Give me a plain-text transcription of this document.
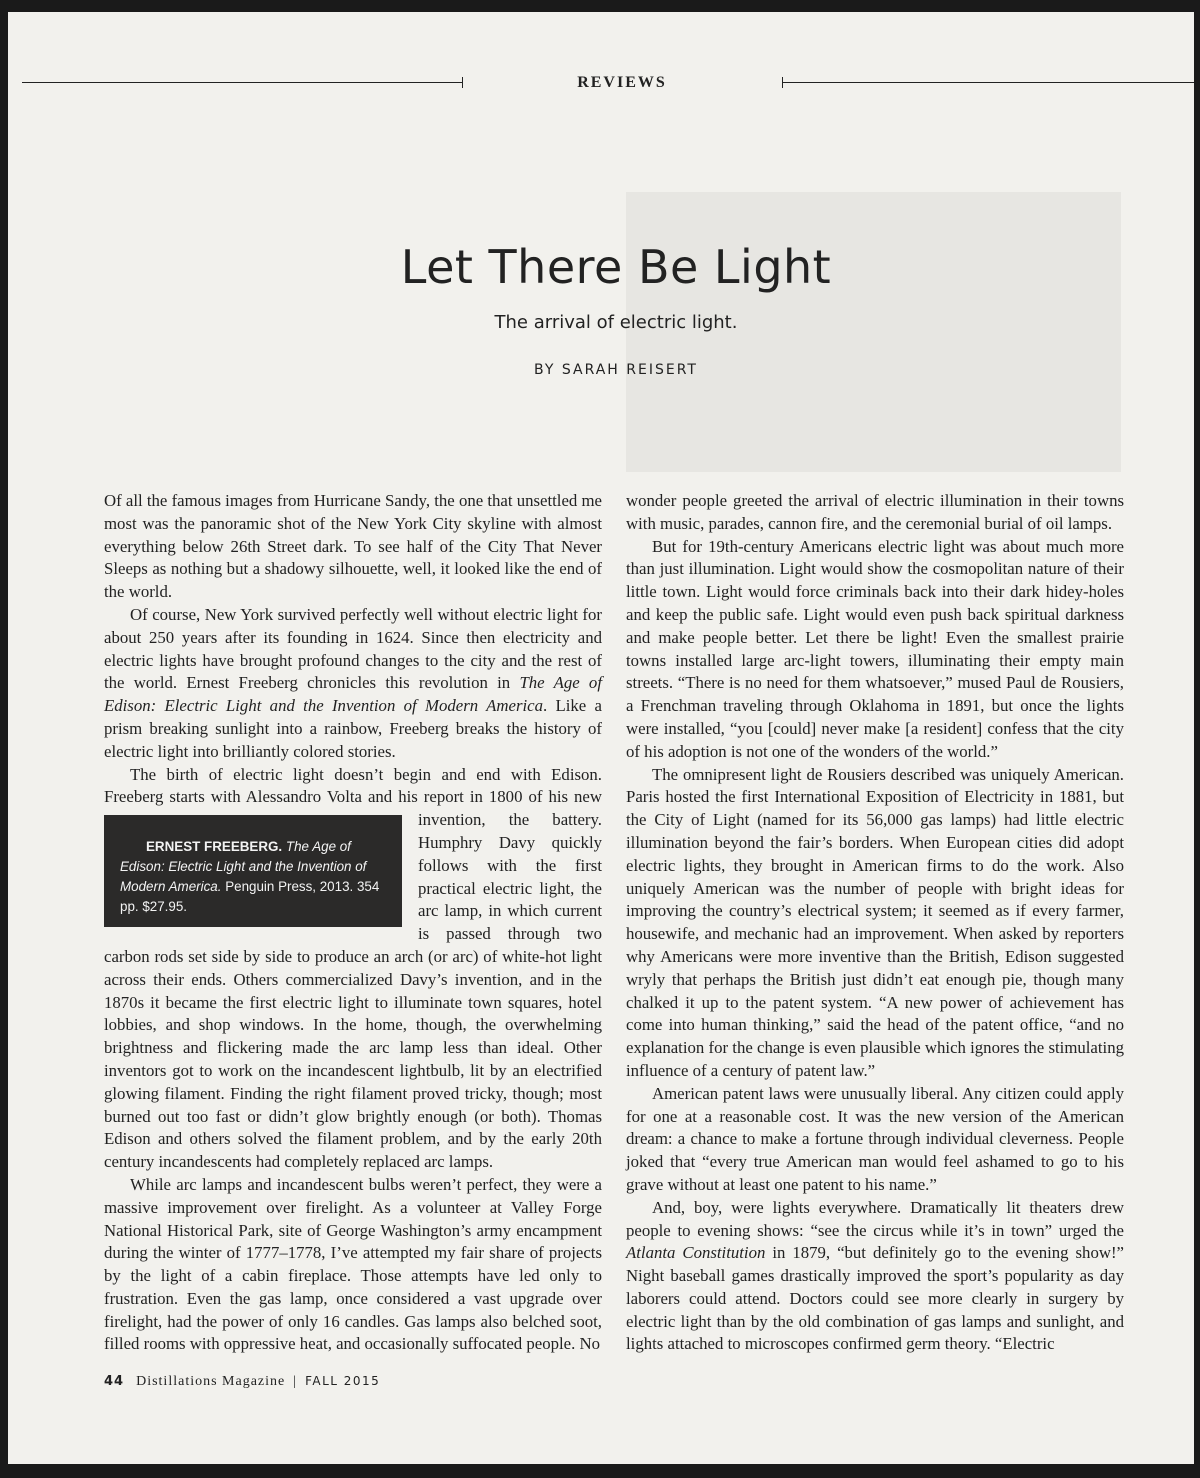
REVIEWS
Let There Be Light
The arrival of electric light.
BY SARAH REISERT

Of all the famous images from Hurricane Sandy, the one that unsettled me most was the panoramic shot of the New York City skyline with almost everything below 26th Street dark. To see half of the City That Never Sleeps as nothing but a shadowy silhouette, well, it looked like the end of the world.

Of course, New York survived perfectly well without electric light for about 250 years after its founding in 1624. Since then electricity and electric lights have brought profound changes to the city and the rest of the world. Ernest Freeberg chronicles this revolution in The Age of Edison: Electric Light and the Invention of Modern America. Like a prism breaking sunlight into a rainbow, Freeberg breaks the history of electric light into brilliantly colored stories.

The birth of electric light doesn’t begin and end with Edison. Freeberg starts with Alessandro Volta and his report in 1800 of his
ERNEST FREEBERG. The Age of Edison: Electric Light and the Invention of Modern America. Penguin Press, 2013. 354 pp. $27.95.
new invention, the battery. Humphry Davy quickly follows with the first practical electric light, the arc lamp, in which current is passed through two carbon rods set side by side to produce an arch (or arc) of white-hot light across their ends. Others commercialized Davy’s invention, and in the 1870s it became the first electric light to illuminate town squares, hotel lobbies, and shop windows. In the home, though, the overwhelming brightness and flickering made the arc lamp less than ideal. Other inventors got to work on the incandescent lightbulb, lit by an electrified glowing filament. Finding the right filament proved tricky, though; most burned out too fast or didn’t glow brightly enough (or both). Thomas Edison and others solved the filament problem, and by the early 20th century incandescents had completely replaced arc lamps.

While arc lamps and incandescent bulbs weren’t perfect, they were a massive improvement over firelight. As a volunteer at Valley Forge National Historical Park, site of George Washington’s army encampment during the winter of 1777–1778, I’ve attempted my fair share of projects by the light of a cabin fireplace. Those attempts have led only to frustration. Even the gas lamp, once considered a vast upgrade over firelight, had the power of only 16 candles. Gas lamps also belched soot, filled rooms with oppressive heat, and occasionally suffocated people. No

wonder people greeted the arrival of electric illumination in their towns with music, parades, cannon fire, and the ceremonial burial of oil lamps.

But for 19th-century Americans electric light was about much more than just illumination. Light would show the cosmopolitan nature of their little town. Light would force criminals back into their dark hidey-holes and keep the public safe. Light would even push back spiritual darkness and make people better. Let there be light! Even the smallest prairie towns installed large arc-light towers, illuminating their empty main streets. “There is no need for them whatsoever,” mused Paul de Rousiers, a Frenchman traveling through Oklahoma in 1891, but once the lights were installed, “you [could] never make [a resident] confess that the city of his adoption is not one of the wonders of the world.”

The omnipresent light de Rousiers described was uniquely American. Paris hosted the first International Exposition of Electricity in 1881, but the City of Light (named for its 56,000 gas lamps) had little electric illumination beyond the fair’s borders. When European cities did adopt electric lights, they brought in American firms to do the work. Also uniquely American was the number of people with bright ideas for improving the country’s electrical system; it seemed as if every farmer, housewife, and mechanic had an improvement. When asked by reporters why Americans were more inventive than the British, Edison suggested wryly that perhaps the British just didn’t eat enough pie, though many chalked it up to the patent system. “A new power of achievement has come into human thinking,” said the head of the patent office, “and no explanation for the change is even plausible which ignores the stimulating influence of a century of patent law.”

American patent laws were unusually liberal. Any citizen could apply for one at a reasonable cost. It was the new version of the American dream: a chance to make a fortune through individual cleverness. People joked that “every true American man would feel ashamed to go to his grave without at least one patent to his name.”

And, boy, were lights everywhere. Dramatically lit theaters drew people to evening shows: “see the circus while it’s in town” urged the Atlanta Constitution in 1879, “but definitely go to the evening show!” Night baseball games drastically improved the sport’s popularity as day laborers could attend. Doctors could see more clearly in surgery by electric light than by the old combination of gas lamps and sunlight, and lights attached to microscopes confirmed germ theory. “Electric

44 Distillations Magazine | FALL 2015
